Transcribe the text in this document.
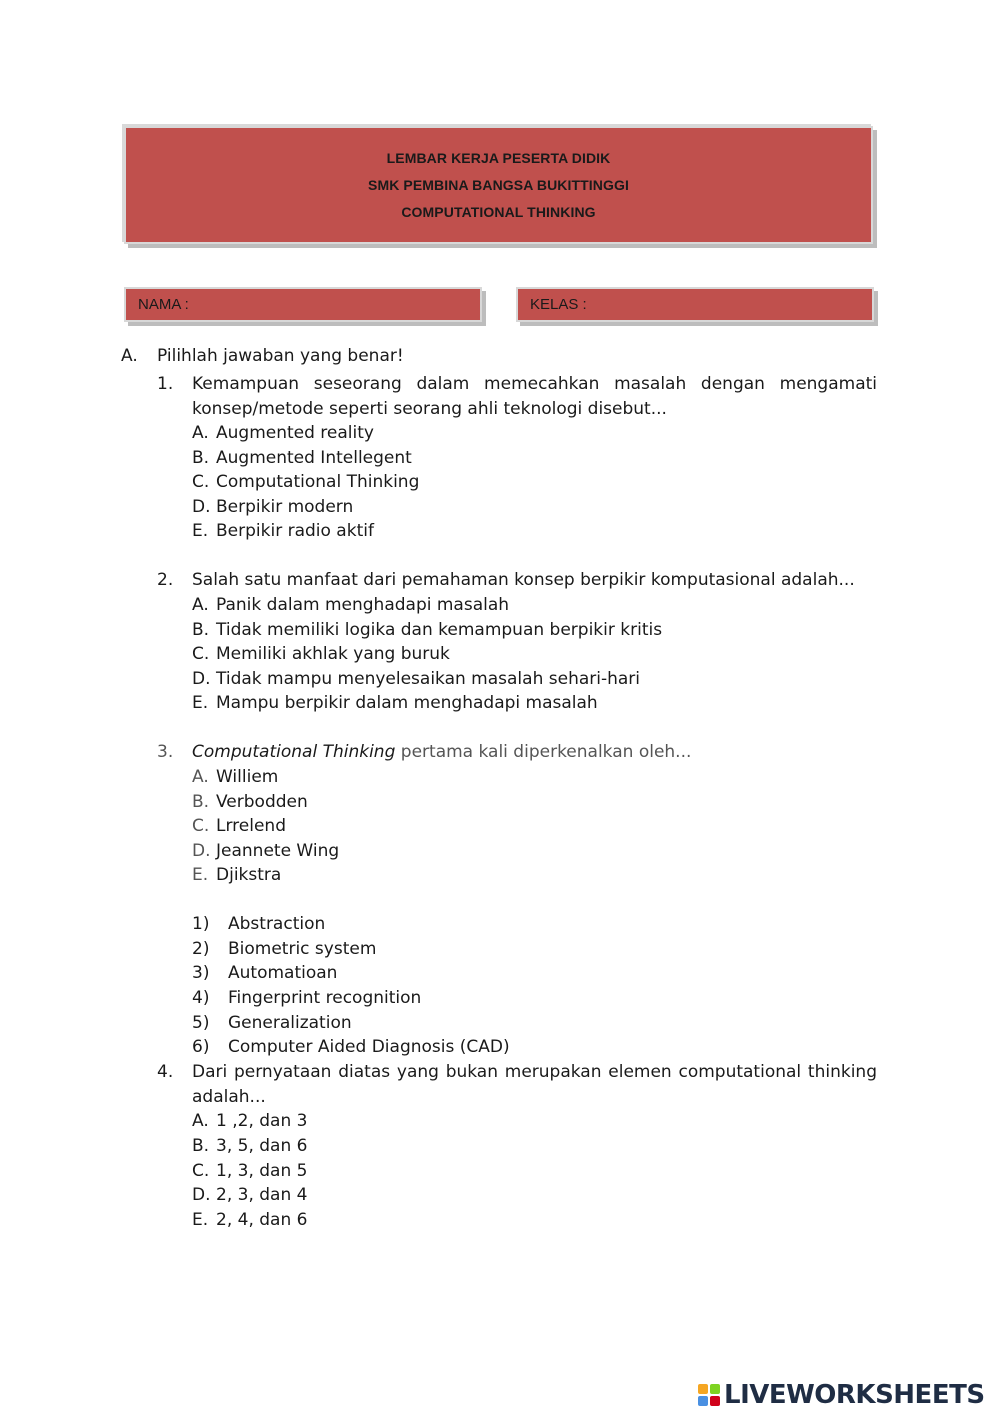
LEMBAR KERJA PESERTA DIDIK
SMK PEMBINA BANGSA BUKITTINGGI
COMPUTATIONAL THINKING
NAMA :	KELAS :
A. Pilihlah jawaban yang benar!
1. Kemampuan seseorang dalam memecahkan masalah dengan mengamati
konsep/metode seperti seorang ahli teknologi disebut...
A. Augmented reality
B. Augmented Intellegent
C. Computational Thinking
D. Berpikir modern
E. Berpikir radio aktif
2. Salah satu manfaat dari pemahaman konsep berpikir komputasional adalah...
A. Panik dalam menghadapi masalah
B. Tidak memiliki logika dan kemampuan berpikir kritis
C. Memiliki akhlak yang buruk
D. Tidak mampu menyelesaikan masalah sehari-hari
E. Mampu berpikir dalam menghadapi masalah
3. Computational Thinking pertama kali diperkenalkan oleh...
A. Williem
B. Verbodden
C. Lrrelend
D. Jeannete Wing
E. Djikstra
1) Abstraction
2) Biometric system
3) Automatioan
4) Fingerprint recognition
5) Generalization
6) Computer Aided Diagnosis (CAD)
4. Dari pernyataan diatas yang bukan merupakan elemen computational thinking
adalah...
A. 1 ,2, dan 3
B. 3, 5, dan 6
C. 1, 3, dan 5
D. 2, 3, dan 4
E. 2, 4, dan 6
LIVEWORKSHEETS
